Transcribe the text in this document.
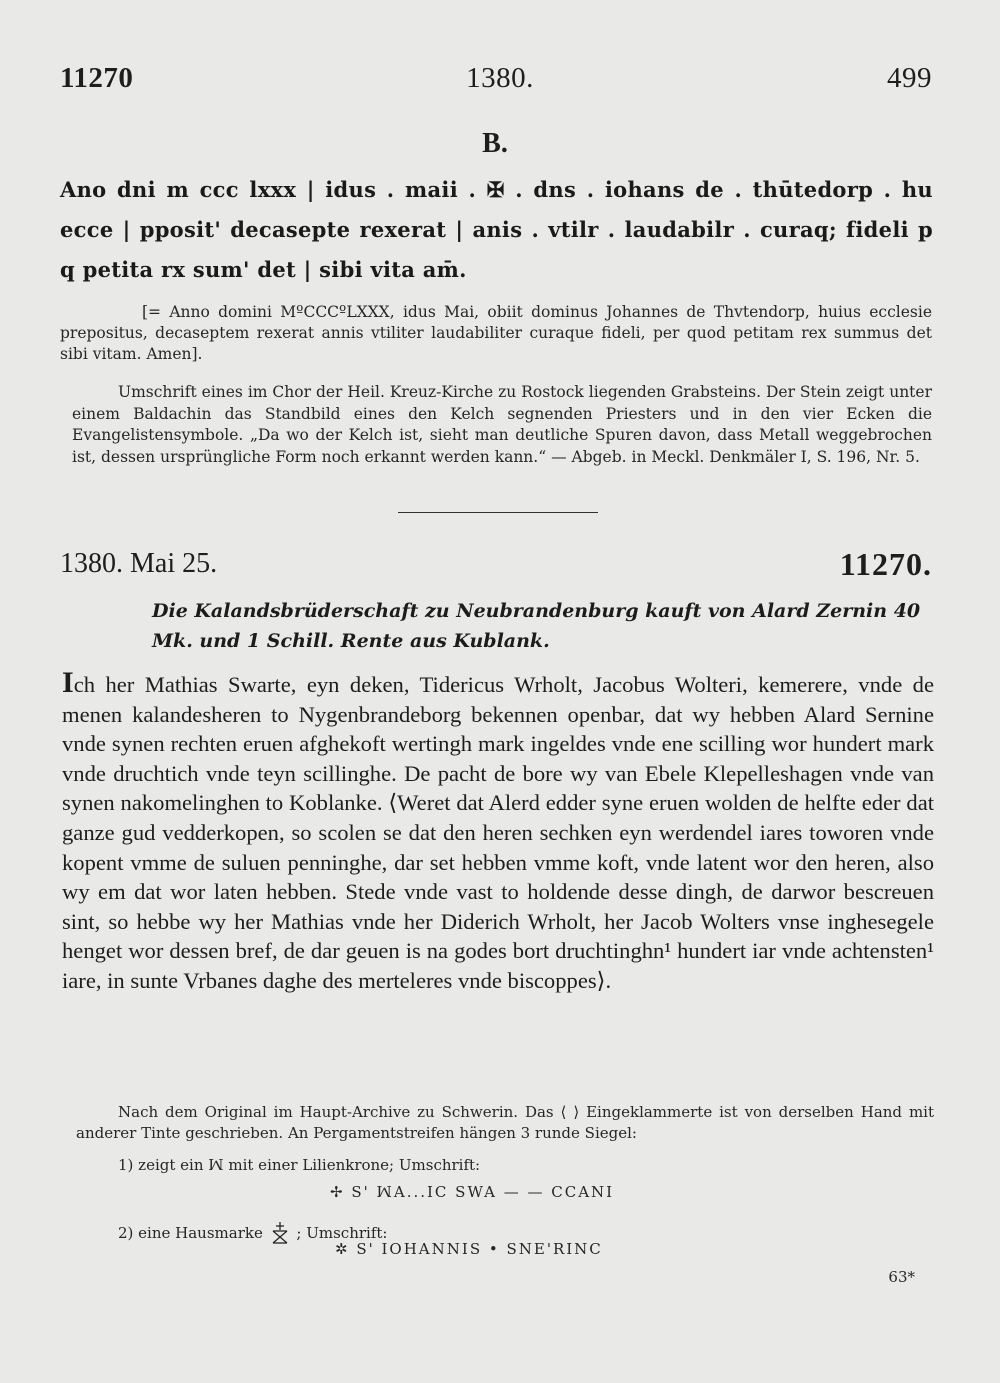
11270	1380.	499
B.

Ano dni m ccc lxxx | idus . maii . ✠ . dns . iohans de . thūtedorp . hu ecce | pposit' decasepte rexerat | anis . vtilr . laudabilr . curaq; fideli p q petita rx sum' det | sibi vita am̄.

[= Anno domini MºCCCºLXXX, idus Mai, obiit dominus Johannes de Thvtendorp, huius ecclesie prepositus, decaseptem rexerat annis vtiliter laudabiliter curaque fideli, per quod petitam rex summus det sibi vitam. Amen].

Umschrift eines im Chor der Heil. Kreuz-Kirche zu Rostock liegenden Grabsteins. Der Stein zeigt unter einem Baldachin das Standbild eines den Kelch segnenden Priesters und in den vier Ecken die Evangelistensymbole. „Da wo der Kelch ist, sieht man deutliche Spuren davon, dass Metall weggebrochen ist, dessen ursprüngliche Form noch erkannt werden kann.“ — Abgeb. in Meckl. Denkmäler I, S. 196, Nr. 5.

1380. Mai 25.	11270.

Die Kalandsbrüderschaft zu Neubrandenburg kauft von Alard Zernin 40 Mk. und 1 Schill. Rente aus Kublank.

Ich her Mathias Swarte, eyn deken, Tidericus Wrholt, Jacobus Wolteri, kemerere, vnde de menen kalandesheren to Nygenbrandeborg bekennen openbar, dat wy hebben Alard Sernine vnde synen rechten eruen afghekoft wertingh mark ingeldes vnde ene scilling wor hundert mark vnde druchtich vnde teyn scillinghe. De pacht de bore wy van Ebele Klepelleshagen vnde van synen nakomelinghen to Koblanke. ⟨Weret dat Alerd edder syne eruen wolden de helfte eder dat ganze gud vedderkopen, so scolen se dat den heren sechken eyn werdendel iares toworen vnde kopent vmme de suluen penninghe, dar set hebben vmme koft, vnde latent wor den heren, also wy em dat wor laten hebben. Stede vnde vast to holdende desse dingh, de darwor bescreuen sint, so hebbe wy her Mathias vnde her Diderich Wrholt, her Jacob Wolters vnse inghesegele henget wor dessen bref, de dar geuen is na godes bort druchtinghn¹ hundert iar vnde achtensten¹ iare, in sunte Vrbanes daghe des merteleres vnde biscoppes⟩.

Nach dem Original im Haupt-Archive zu Schwerin. Das ⟨ ⟩ Eingeklammerte ist von derselben Hand mit anderer Tinte geschrieben. An Pergamentstreifen hängen 3 runde Siegel:

1) zeigt ein ꟽ mit einer Lilienkrone; Umschrift:
✢ S' ꟽA...IC SWA — — CCANI
2) eine Hausmarke ; Umschrift:
✲ S' IOHANNIS • SNE'RINC
63*
